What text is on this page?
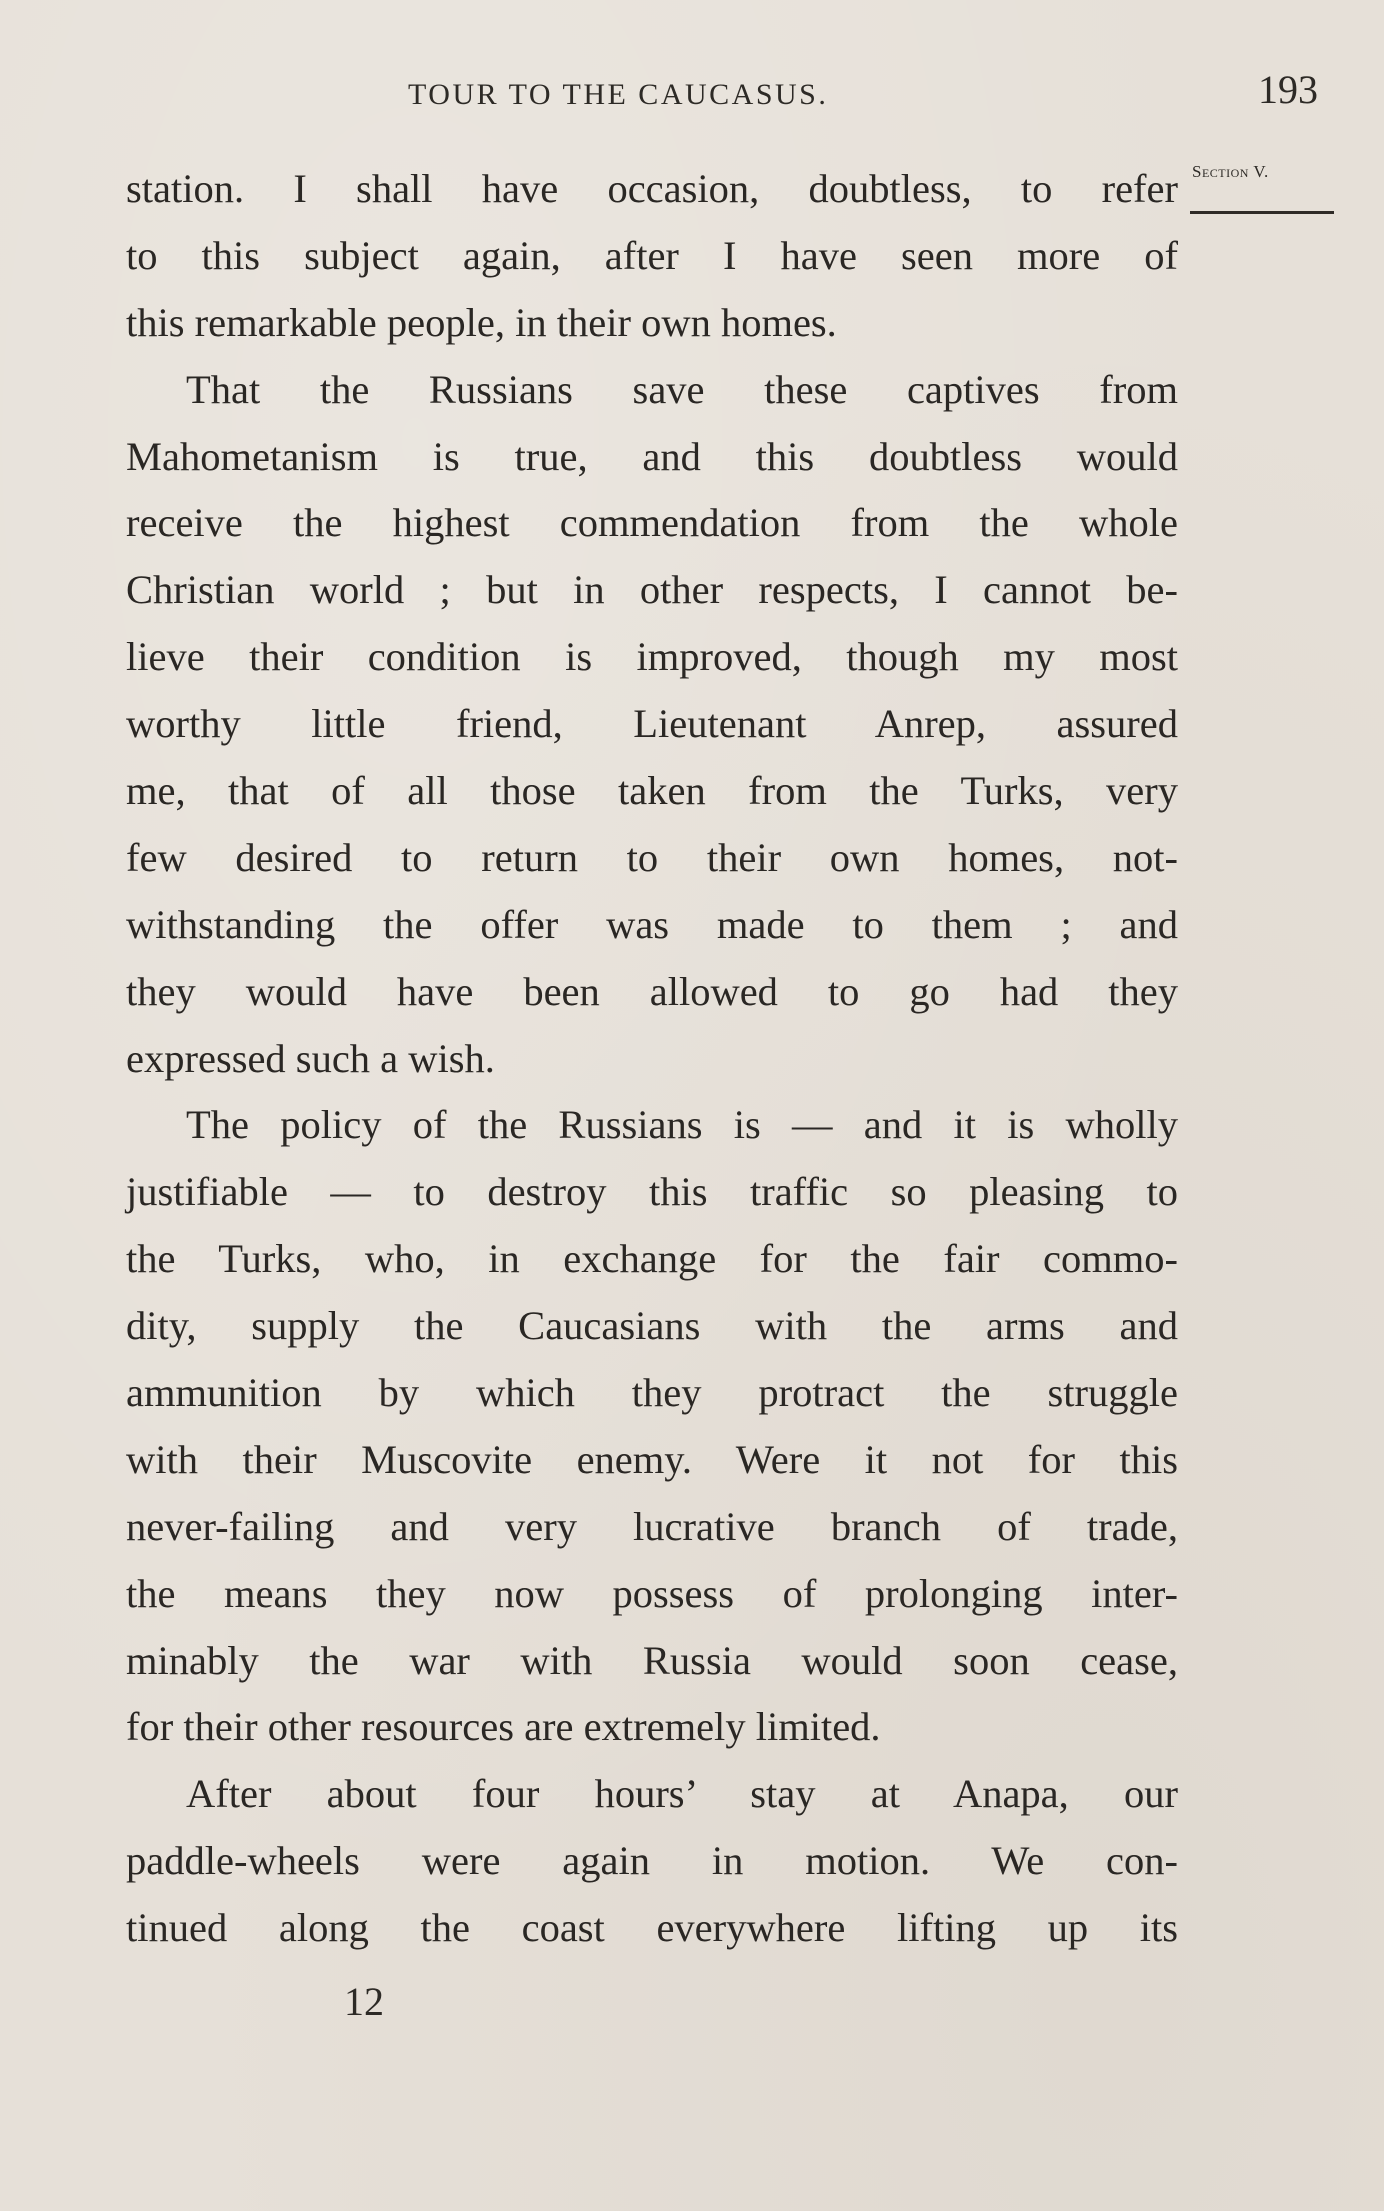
TOUR TO THE CAUCASUS.	193
Section V.
station. I shall have occasion, doubtless, to refer
to this subject again, after I have seen more of
this remarkable people, in their own homes.
That the Russians save these captives from
Mahometanism is true, and this doubtless would
receive the highest commendation from the whole
Christian world ; but in other respects, I cannot be-
lieve their condition is improved, though my most
worthy little friend, Lieutenant Anrep, assured
me, that of all those taken from the Turks, very
few desired to return to their own homes, not-
withstanding the offer was made to them ; and
they would have been allowed to go had they
expressed such a wish.
The policy of the Russians is — and it is wholly
justifiable — to destroy this traffic so pleasing to
the Turks, who, in exchange for the fair commo-
dity, supply the Caucasians with the arms and
ammunition by which they protract the struggle
with their Muscovite enemy. Were it not for this
never-failing and very lucrative branch of trade,
the means they now possess of prolonging inter-
minably the war with Russia would soon cease,
for their other resources are extremely limited.
After about four hours’ stay at Anapa, our
paddle-wheels were again in motion. We con-
tinued along the coast everywhere lifting up its
12
